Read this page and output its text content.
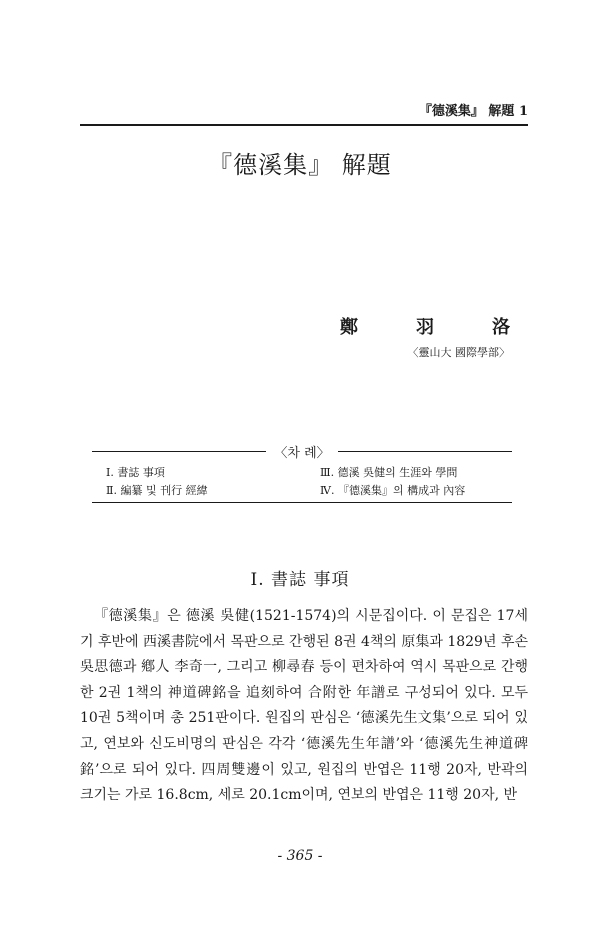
『德溪集』 解題 1
『德溪集』 解題
鄭	羽	洛
〈靈山大 國際學部〉
〈차 례〉
Ⅰ. 書誌 事項
Ⅱ. 編纂 및 刊行 經緯
Ⅲ. 德溪 吳健의 生涯와 學問
Ⅳ. 『德溪集』의 構成과 內容
Ⅰ. 書誌 事項

『德溪集』은 德溪 吳健(1521-1574)의 시문집이다. 이 문집은 17세기 후반에 西溪書院에서 목판으로 간행된 8권 4책의 原集과 1829년 후손 吳思德과 鄕人 李奇一, 그리고 柳尋春 등이 편차하여 역시 목판으로 간행한 2권 1책의 神道碑銘을 追刻하여 合附한 年譜로 구성되어 있다. 모두 10권 5책이며 총 251판이다. 원집의 판심은 ‘德溪先生文集’으로 되어 있고, 연보와 신도비명의 판심은 각각 ‘德溪先生年譜’와 ‘德溪先生神道碑銘’으로 되어 있다. 四周雙邊이 있고, 원집의 반엽은 11행 20자, 반곽의 크기는 가로 16.8cm, 세로 20.1cm이며, 연보의 반엽은 11행 20자, 반

- 365 -
